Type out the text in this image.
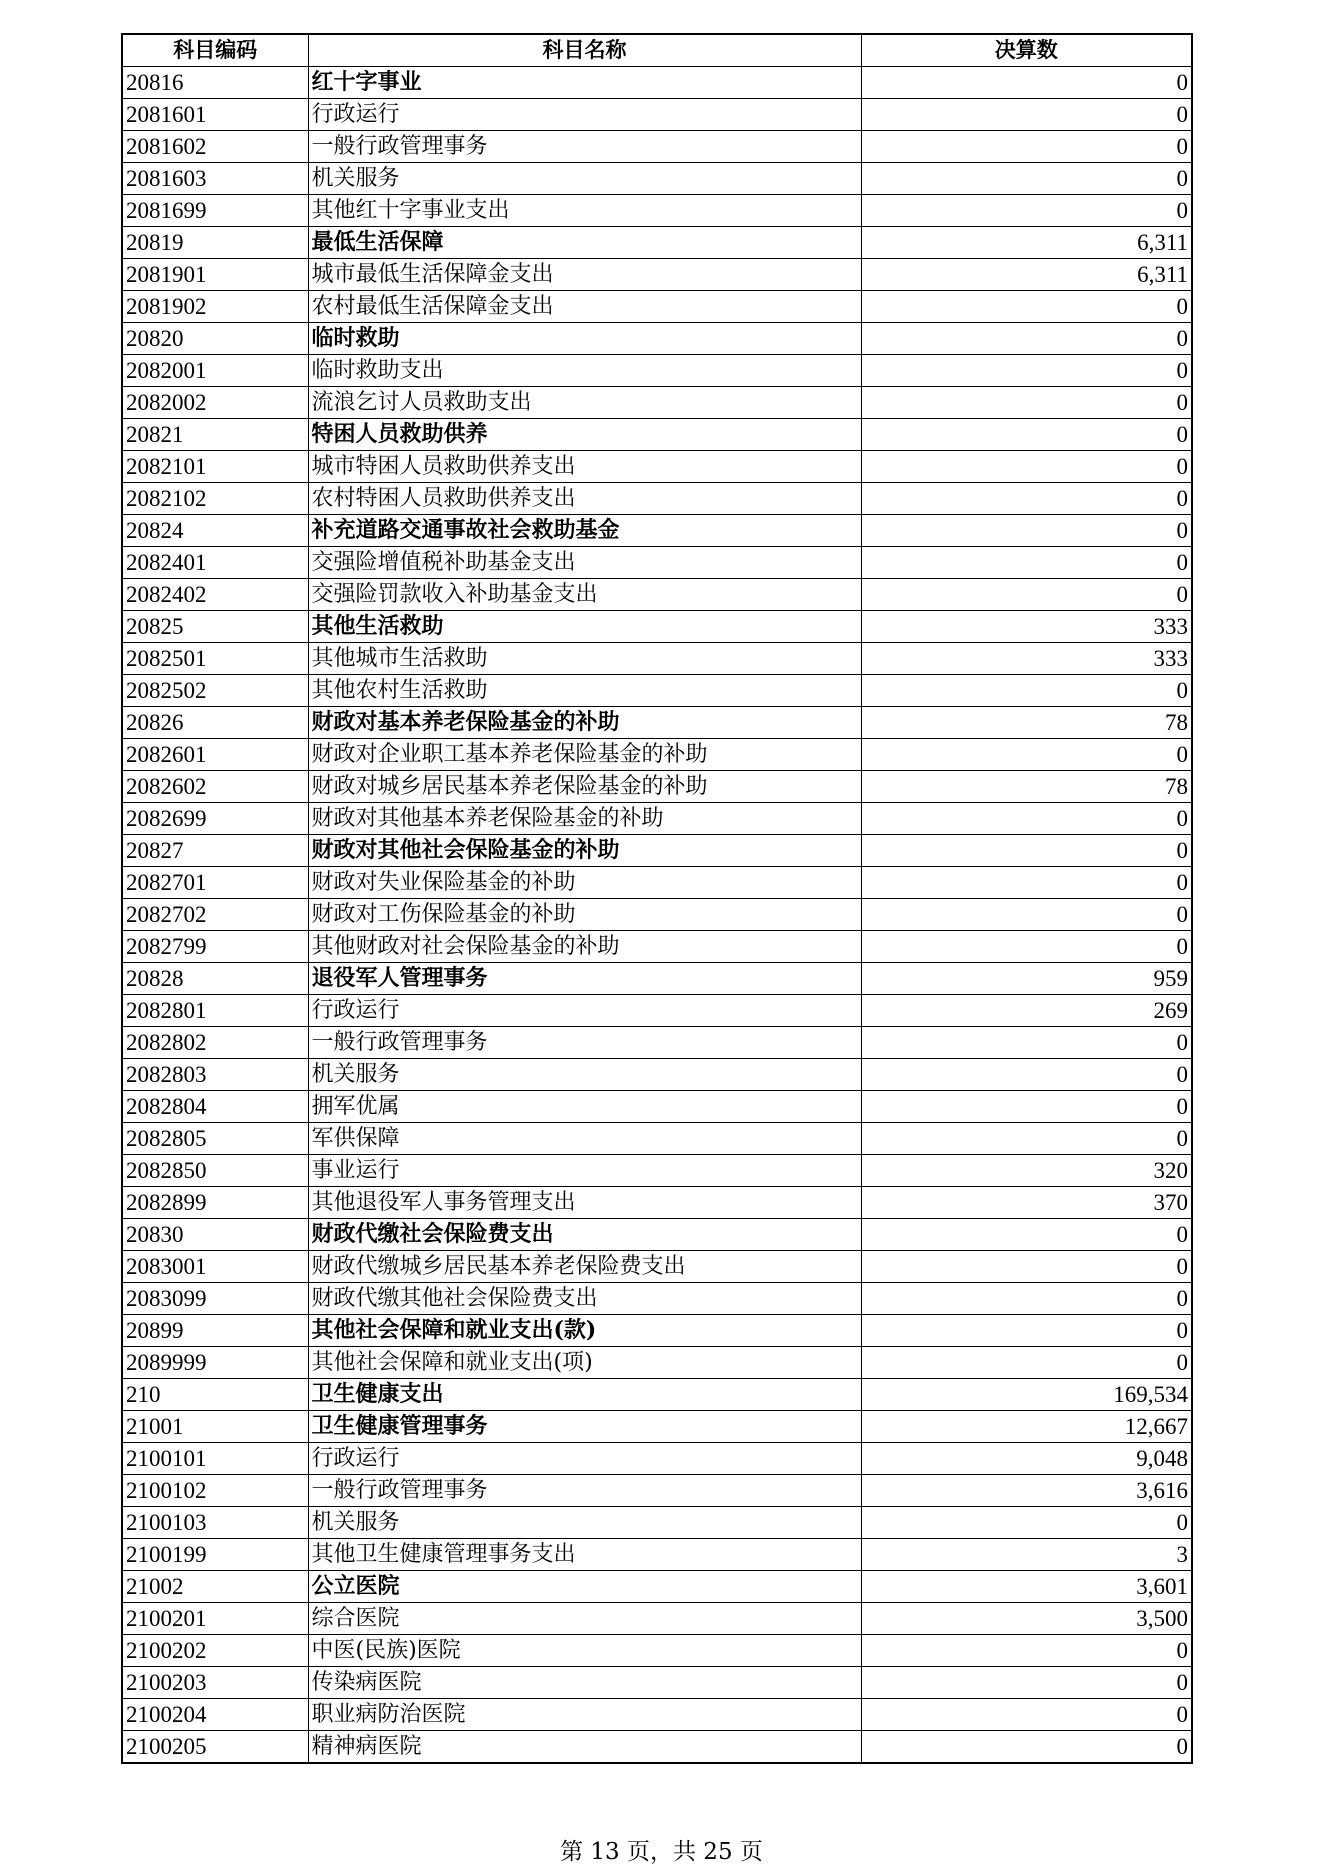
科目编码	科目名称	决算数
20816	红十字事业	0
2081601	行政运行	0
2081602	一般行政管理事务	0
2081603	机关服务	0
2081699	其他红十字事业支出	0
20819	最低生活保障	6,311
2081901	城市最低生活保障金支出	6,311
2081902	农村最低生活保障金支出	0
20820	临时救助	0
2082001	临时救助支出	0
2082002	流浪乞讨人员救助支出	0
20821	特困人员救助供养	0
2082101	城市特困人员救助供养支出	0
2082102	农村特困人员救助供养支出	0
20824	补充道路交通事故社会救助基金	0
2082401	交强险增值税补助基金支出	0
2082402	交强险罚款收入补助基金支出	0
20825	其他生活救助	333
2082501	其他城市生活救助	333
2082502	其他农村生活救助	0
20826	财政对基本养老保险基金的补助	78
2082601	财政对企业职工基本养老保险基金的补助	0
2082602	财政对城乡居民基本养老保险基金的补助	78
2082699	财政对其他基本养老保险基金的补助	0
20827	财政对其他社会保险基金的补助	0
2082701	财政对失业保险基金的补助	0
2082702	财政对工伤保险基金的补助	0
2082799	其他财政对社会保险基金的补助	0
20828	退役军人管理事务	959
2082801	行政运行	269
2082802	一般行政管理事务	0
2082803	机关服务	0
2082804	拥军优属	0
2082805	军供保障	0
2082850	事业运行	320
2082899	其他退役军人事务管理支出	370
20830	财政代缴社会保险费支出	0
2083001	财政代缴城乡居民基本养老保险费支出	0
2083099	财政代缴其他社会保险费支出	0
20899	其他社会保障和就业支出(款)	0
2089999	其他社会保障和就业支出(项)	0
210	卫生健康支出	169,534
21001	卫生健康管理事务	12,667
2100101	行政运行	9,048
2100102	一般行政管理事务	3,616
2100103	机关服务	0
2100199	其他卫生健康管理事务支出	3
21002	公立医院	3,601
2100201	综合医院	3,500
2100202	中医(民族)医院	0
2100203	传染病医院	0
2100204	职业病防治医院	0
2100205	精神病医院	0
第 13 页，共 25 页
